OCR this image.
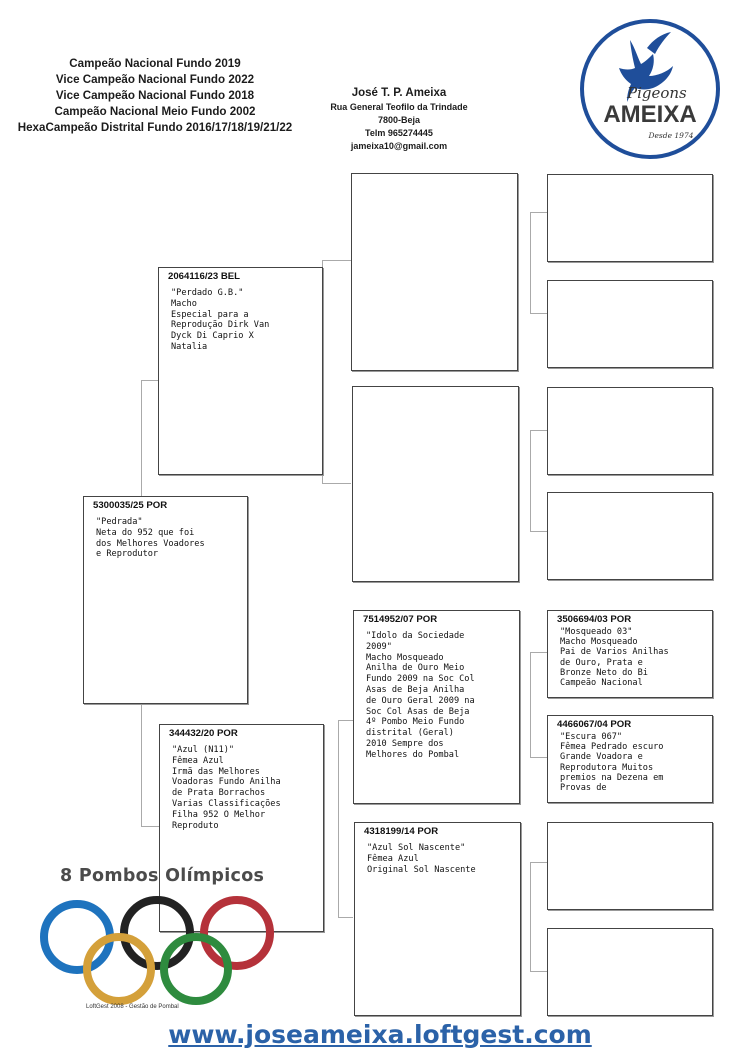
Campeão Nacional Fundo 2019
Vice Campeão Nacional Fundo 2022
Vice Campeão Nacional Fundo 2018
Campeão Nacional Meio Fundo 2002
HexaCampeão Distrital Fundo 2016/17/18/19/21/22
José T. P. Ameixa
Rua General Teofilo da Trindade
7800-Beja
Telm 965274445
jameixa10@gmail.com
Pigeons
AMEIXA
Desde 1974
5300035/25 POR
"Pedrada"
Neta do 952 que foi
dos Melhores Voadores
e Reprodutor
2064116/23 BEL
"Perdado G.B."
Macho
Especial para a
Reprodução Dirk Van
Dyck Di Caprio X
Natalia
344432/20 POR
"Azul (N11)"
Fêmea Azul
Irmã das Melhores
Voadoras Fundo Anilha
de Prata Borrachos
Varias Classificações
Filha 952 O Melhor
Reproduto
7514952/07 POR
"Idolo da Sociedade
2009"
Macho Mosqueado
Anilha de Ouro Meio
Fundo 2009 na Soc Col
Asas de Beja Anilha
de Ouro Geral 2009 na
Soc Col Asas de Beja
4º Pombo Meio Fundo
distrital (Geral)
2010 Sempre dos
Melhores do Pombal
4318199/14 POR
"Azul Sol Nascente"
Fêmea Azul
Original Sol Nascente
3506694/03 POR
"Mosqueado 03"
Macho Mosqueado
Pai de Varios Anilhas
de Ouro, Prata e
Bronze Neto do Bi
Campeão Nacional
4466067/04 POR
"Escura 067"
Fêmea Pedrado escuro
Grande Voadora e
Reprodutora Muitos
premios na Dezena em
Provas de
8 Pombos Olímpicos
LoftGest 2008 - Gestão de Pombal
www.joseameixa.loftgest.com
